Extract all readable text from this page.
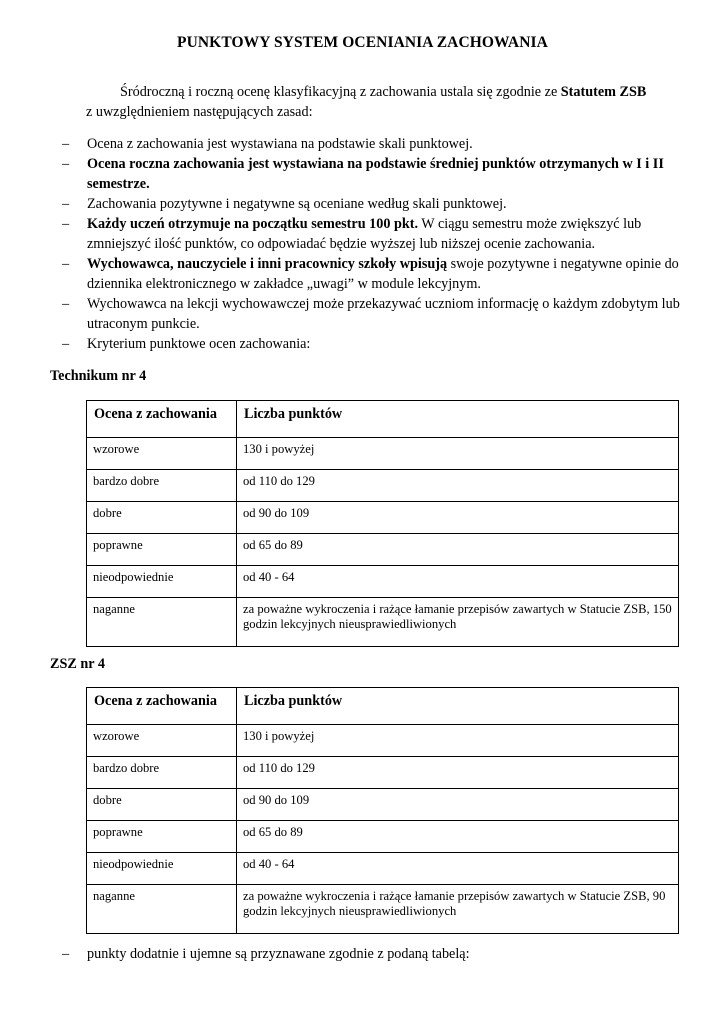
PUNKTOWY SYSTEM OCENIANIA ZACHOWANIA
Śródroczną i roczną ocenę klasyfikacyjną z zachowania ustala się zgodnie ze Statutem ZSB
z uwzględnieniem następujących zasad:
– Ocena z zachowania jest wystawiana na podstawie skali punktowej.
– Ocena roczna zachowania jest wystawiana na podstawie średniej punktów otrzymanych w I i II semestrze.
– Zachowania pozytywne i negatywne są oceniane według skali punktowej.
– Każdy uczeń otrzymuje na początku semestru 100 pkt. W ciągu semestru może zwiększyć lub zmniejszyć ilość punktów, co odpowiadać będzie wyższej lub niższej ocenie zachowania.
– Wychowawca, nauczyciele i inni pracownicy szkoły wpisują swoje pozytywne i negatywne opinie do dziennika elektronicznego w zakładce „uwagi” w module lekcyjnym.
– Wychowawca na lekcji wychowawczej może przekazywać uczniom informację o każdym zdobytym lub utraconym punkcie.
– Kryterium punktowe ocen zachowania:
Technikum nr 4
Ocena z zachowania	Liczba punktów
wzorowe	130 i powyżej
bardzo dobre	od 110 do 129
dobre	od 90 do 109
poprawne	od 65 do 89
nieodpowiednie	od 40 - 64
naganne	za poważne wykroczenia i rażące łamanie przepisów zawartych w Statucie ZSB, 150 godzin lekcyjnych nieusprawiedliwionych
ZSZ nr 4
Ocena z zachowania	Liczba punktów
wzorowe	130 i powyżej
bardzo dobre	od 110 do 129
dobre	od 90 do 109
poprawne	od 65 do 89
nieodpowiednie	od 40 - 64
naganne	za poważne wykroczenia i rażące łamanie przepisów zawartych w Statucie ZSB, 90 godzin lekcyjnych nieusprawiedliwionych
– punkty dodatnie i ujemne są przyznawane zgodnie z podaną tabelą:
